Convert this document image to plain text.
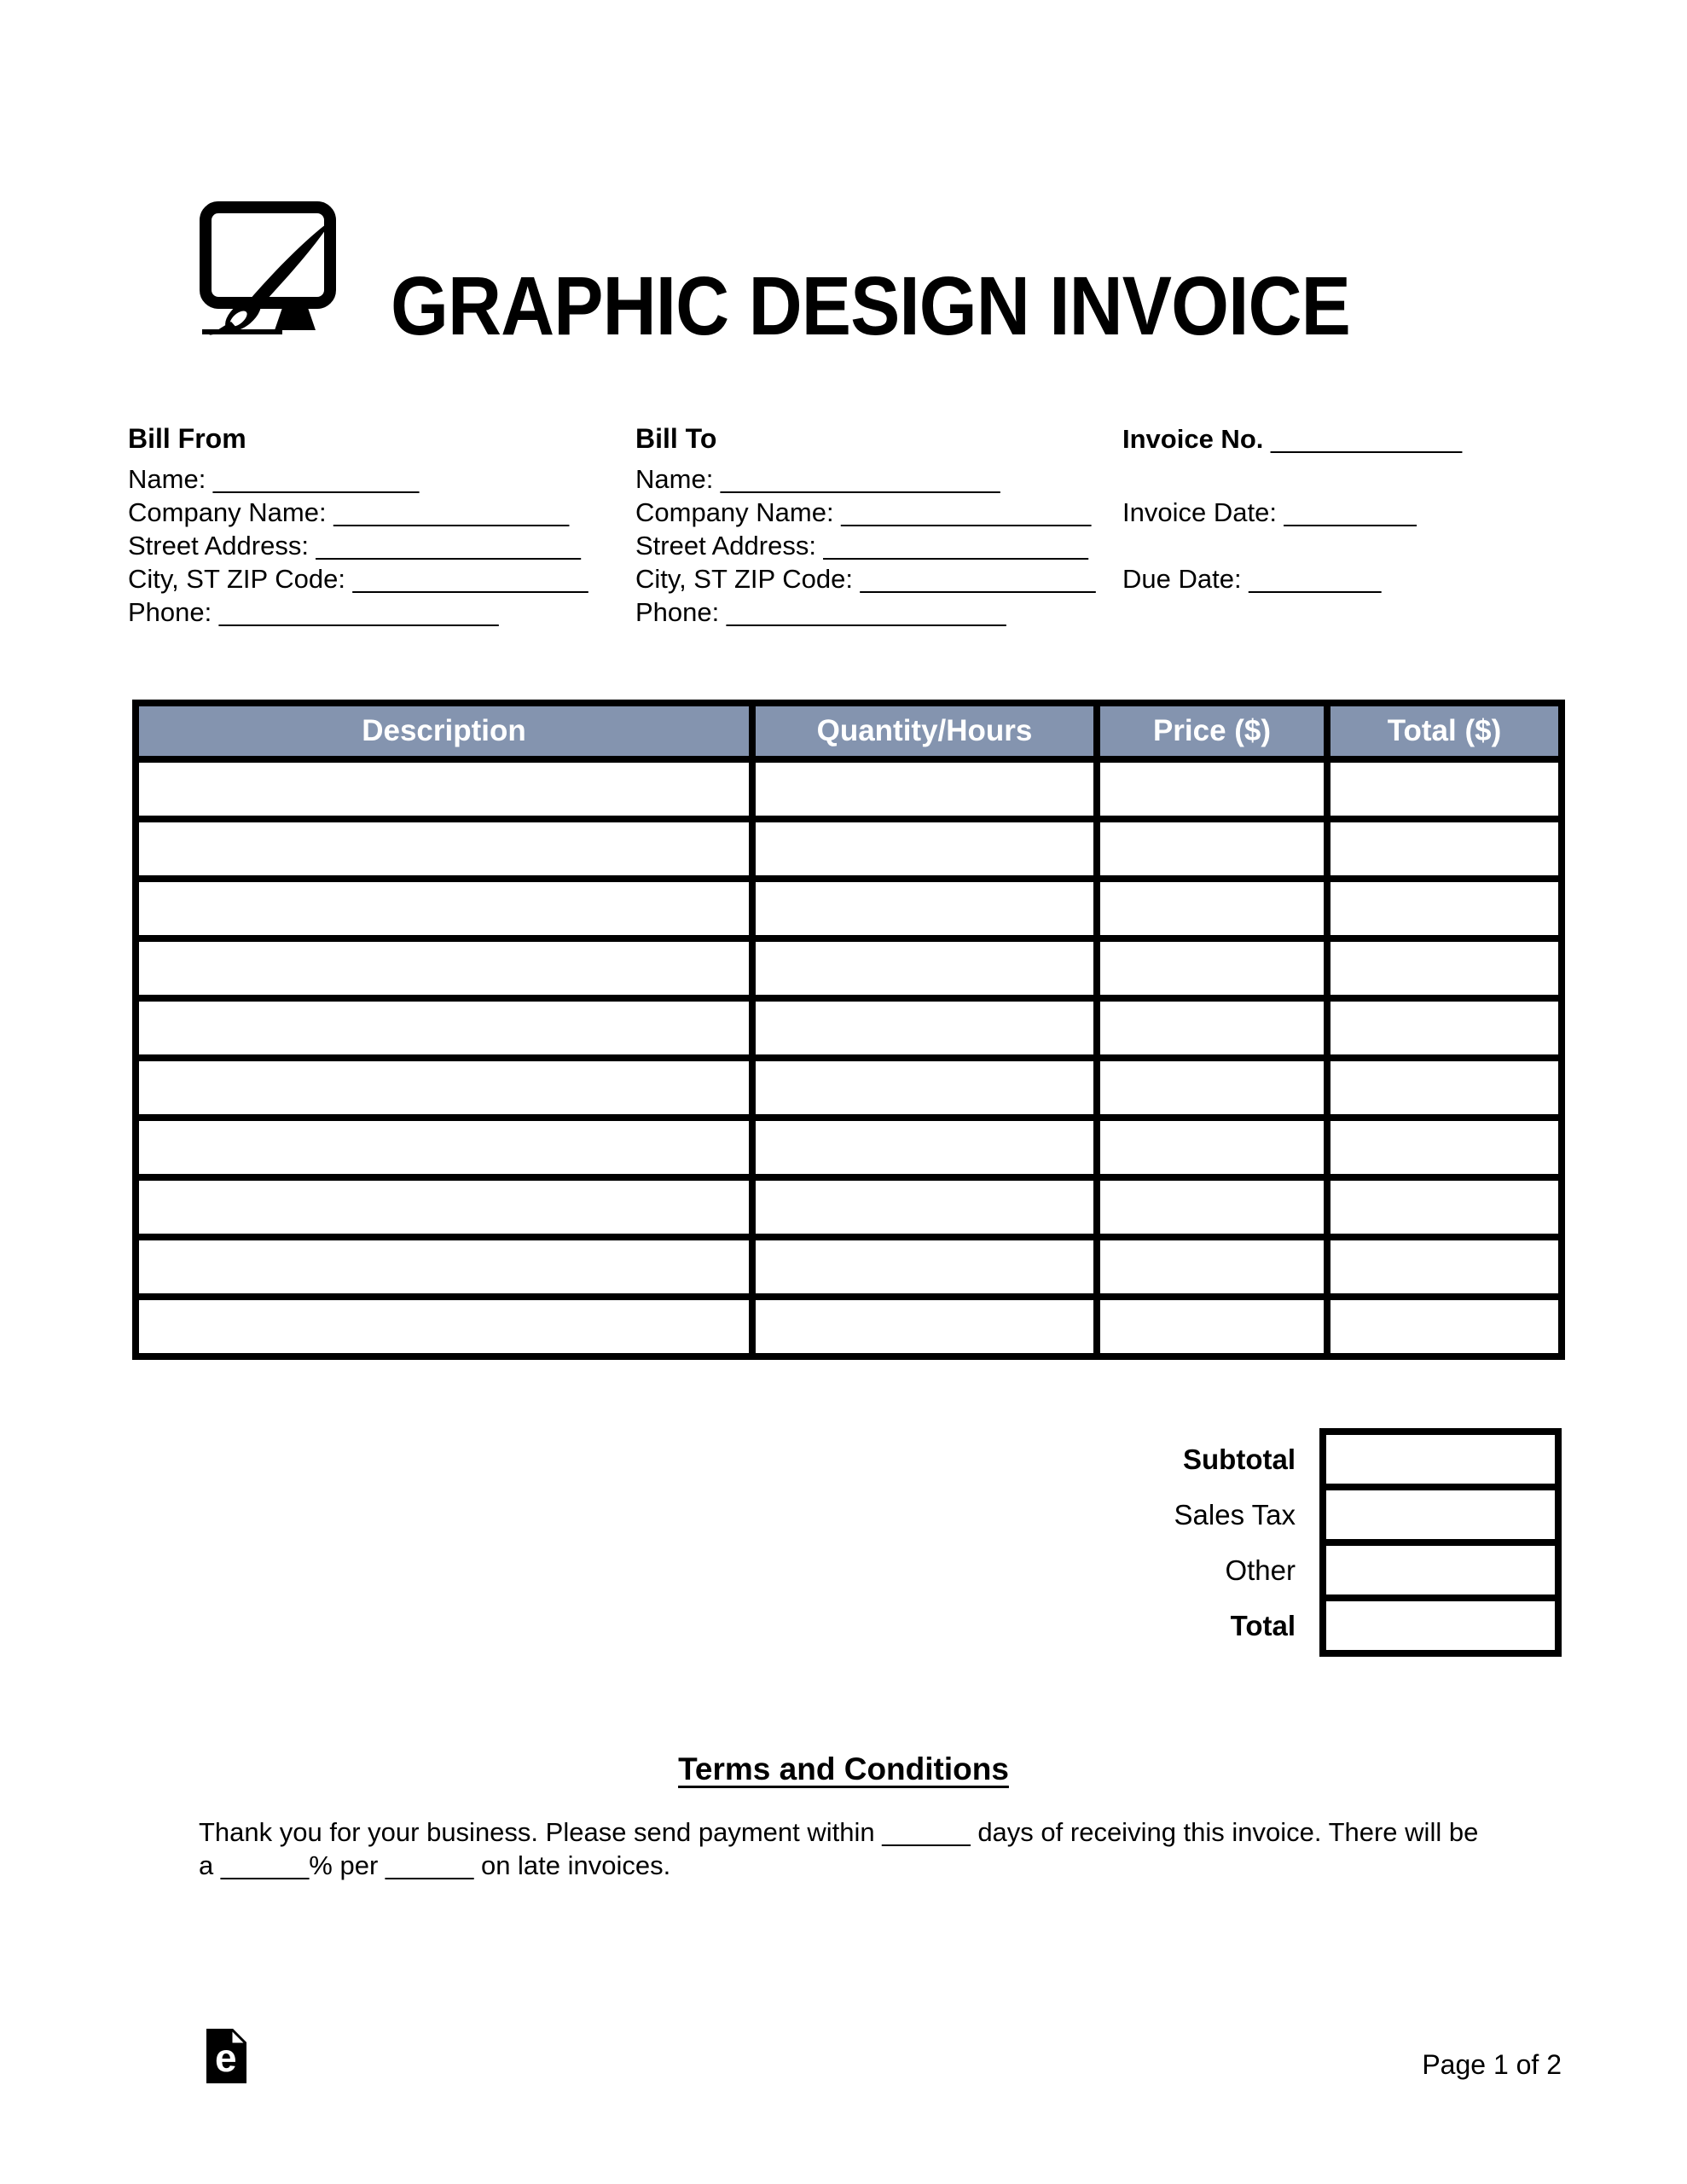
GRAPHIC DESIGN INVOICE
Bill From
Name: ______________
Company Name: ________________
Street Address: __________________
City, ST ZIP Code: ________________
Phone: ___________________
Bill To
Name: ___________________
Company Name: _________________
Street Address: __________________
City, ST ZIP Code: ________________
Phone: ___________________
Invoice No. _____________
Invoice Date: _________
Due Date: _________
Description	Quantity/Hours	Price ($)	Total ($)

Subtotal	
Sales Tax	
Other	
Total	
Terms and Conditions

Thank you for your business. Please send payment within ______ days of receiving this invoice. There will be a ______% per ______ on late invoices.

e	Page 1 of 2
